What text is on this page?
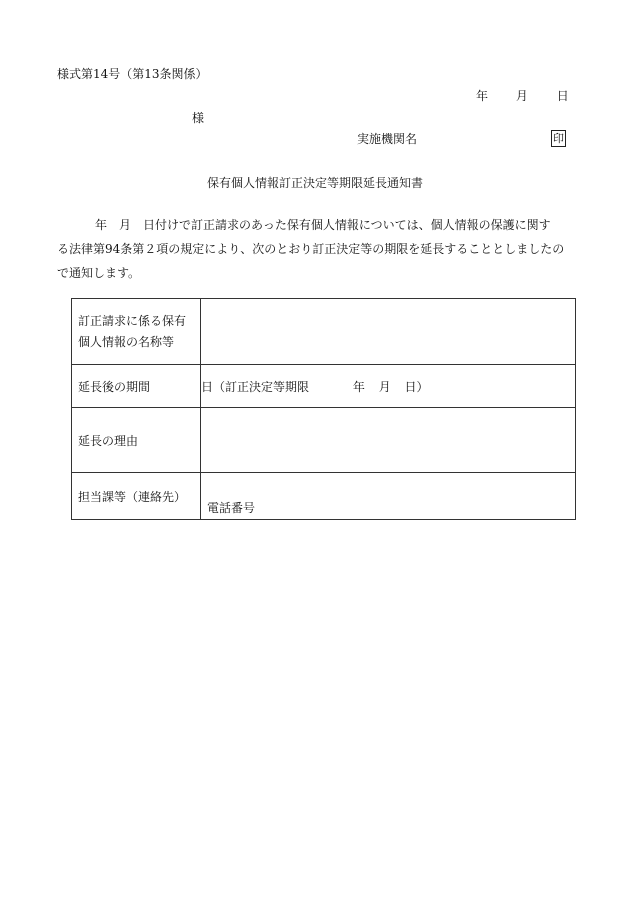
様式第14号（第13条関係）
年 月 日
様
実施機関名	印
保有個人情報訂正決定等期限延長通知書

年　月　日付けで訂正請求のあった保有個人情報については、個人情報の保護に関す

る法律第94条第２項の規定により、次のとおり訂正決定等の期限を延長することとしましたの

で通知します。

訂正請求に係る保有
個人情報の名称等	

延長後の期間	日（訂正決定等期限 年 月 日）
延長の理由	
担当課等（連絡先）	電話番号
